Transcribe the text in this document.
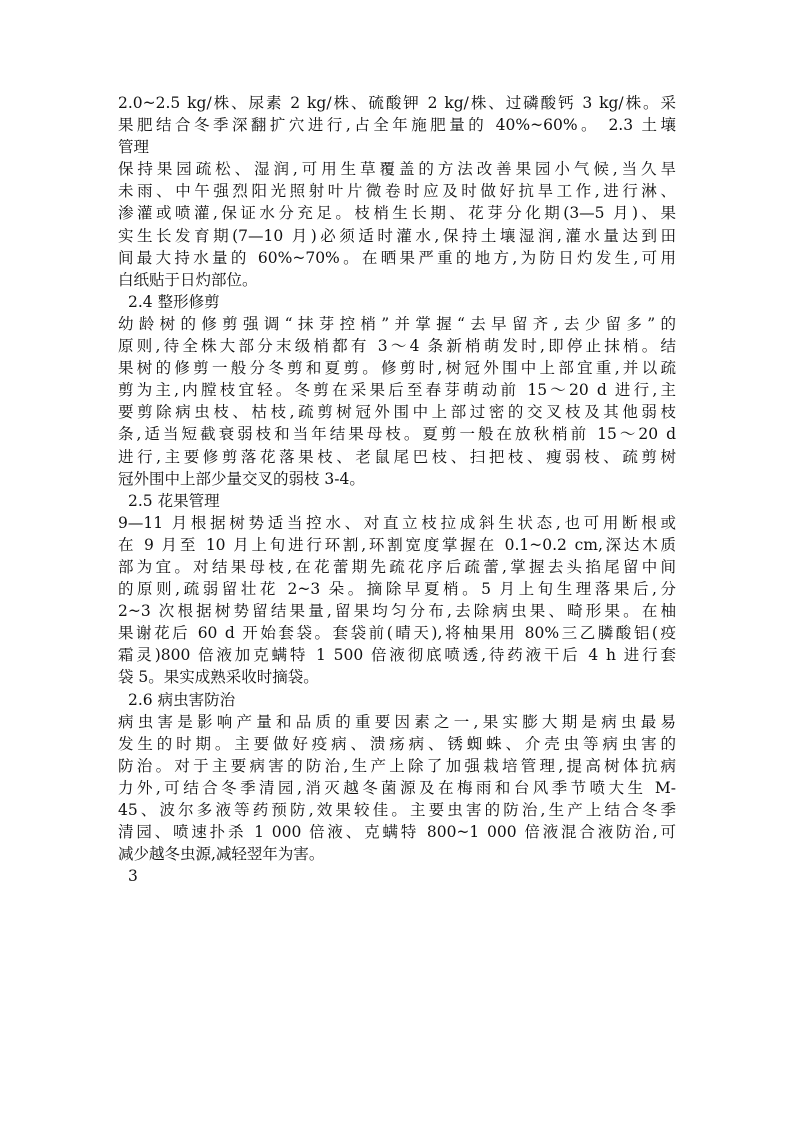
2.0~2.5 kg/株、尿素 2 kg/株、硫酸钾 2 kg/株、过磷酸钙 3 kg/株。采
果肥结合冬季深翻扩穴进行,占全年施肥量的 40%~60%。 2.3 土壤
管理
保持果园疏松、湿润,可用生草覆盖的方法改善果园小气候,当久旱
未雨、中午强烈阳光照射叶片微卷时应及时做好抗旱工作,进行淋、
渗灌或喷灌,保证水分充足。枝梢生长期、花芽分化期(3—5 月)、果
实生长发育期(7—10 月)必须适时灌水,保持土壤湿润,灌水量达到田
间最大持水量的 60%~70%。在晒果严重的地方,为防日灼发生,可用
白纸贴于日灼部位。
2.4 整形修剪
幼龄树的修剪强调“抹芽控梢”并掌握“去早留齐,去少留多”的
原则,待全株大部分末级梢都有 3～4 条新梢萌发时,即停止抹梢。结
果树的修剪一般分冬剪和夏剪。修剪时,树冠外围中上部宜重,并以疏
剪为主,内膛枝宜轻。冬剪在采果后至春芽萌动前 15～20 d 进行,主
要剪除病虫枝、枯枝,疏剪树冠外围中上部过密的交叉枝及其他弱枝
条,适当短截衰弱枝和当年结果母枝。夏剪一般在放秋梢前 15～20 d
进行,主要修剪落花落果枝、老鼠尾巴枝、扫把枝、瘦弱枝、疏剪树
冠外围中上部少量交叉的弱枝 3-4。
2.5 花果管理
9—11 月根据树势适当控水、对直立枝拉成斜生状态,也可用断根或
在 9 月至 10 月上旬进行环割,环割宽度掌握在 0.1~0.2 cm,深达木质
部为宜。对结果母枝,在花蕾期先疏花序后疏蕾,掌握去头掐尾留中间
的原则,疏弱留壮花 2~3 朵。摘除早夏梢。5 月上旬生理落果后,分
2~3 次根据树势留结果量,留果均匀分布,去除病虫果、畸形果。在柚
果谢花后 60 d 开始套袋。套袋前(晴天),将柚果用 80%三乙膦酸铝(疫
霜灵)800 倍液加克螨特 1 500 倍液彻底喷透,待药液干后 4 h 进行套
袋 5。果实成熟采收时摘袋。
2.6 病虫害防治
病虫害是影响产量和品质的重要因素之一,果实膨大期是病虫最易
发生的时期。主要做好疫病、溃疡病、锈蜘蛛、介壳虫等病虫害的
防治。对于主要病害的防治,生产上除了加强栽培管理,提高树体抗病
力外,可结合冬季清园,消灭越冬菌源及在梅雨和台风季节喷大生 M-
45、波尔多液等药预防,效果较佳。主要虫害的防治,生产上结合冬季
清园、喷速扑杀 1 000 倍液、克螨特 800~1 000 倍液混合液防治,可
减少越冬虫源,减轻翌年为害。
3
